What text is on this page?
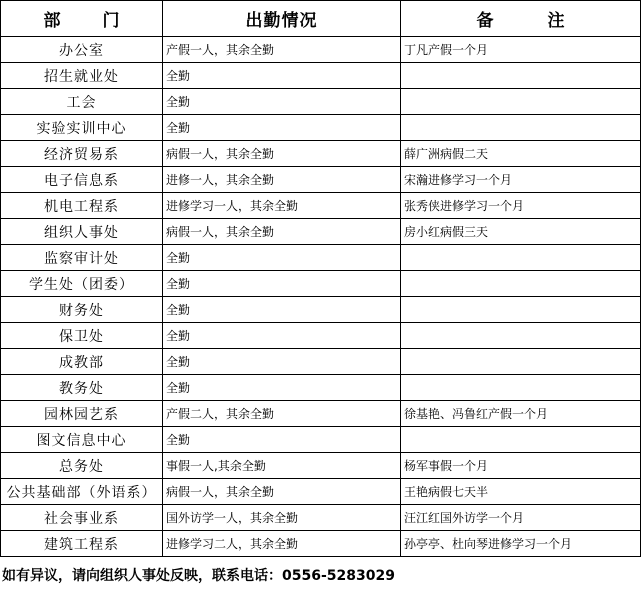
部 门	出勤情况	备 注
办公室	产假一人，其余全勤	丁凡产假一个月
招生就业处	全勤	
工会	全勤	
实验实训中心	全勤	
经济贸易系	病假一人，其余全勤	薛广洲病假二天
电子信息系	进修一人，其余全勤	宋瀚进修学习一个月
机电工程系	进修学习一人，其余全勤	张秀侠进修学习一个月
组织人事处	病假一人，其余全勤	房小红病假三天
监察审计处	全勤	
学生处（团委）	全勤	
财务处	全勤	
保卫处	全勤	
成教部	全勤	
教务处	全勤	
园林园艺系	产假二人，其余全勤	徐基艳、冯鲁红产假一个月
图文信息中心	全勤	
总务处	事假一人,其余全勤	杨军事假一个月
公共基础部（外语系）	病假一人，其余全勤	王艳病假七天半
社会事业系	国外访学一人，其余全勤	汪江红国外访学一个月
建筑工程系	进修学习二人，其余全勤	孙亭亭、杜向琴进修学习一个月
如有异议，请向组织人事处反映，联系电话：0556-5283029
